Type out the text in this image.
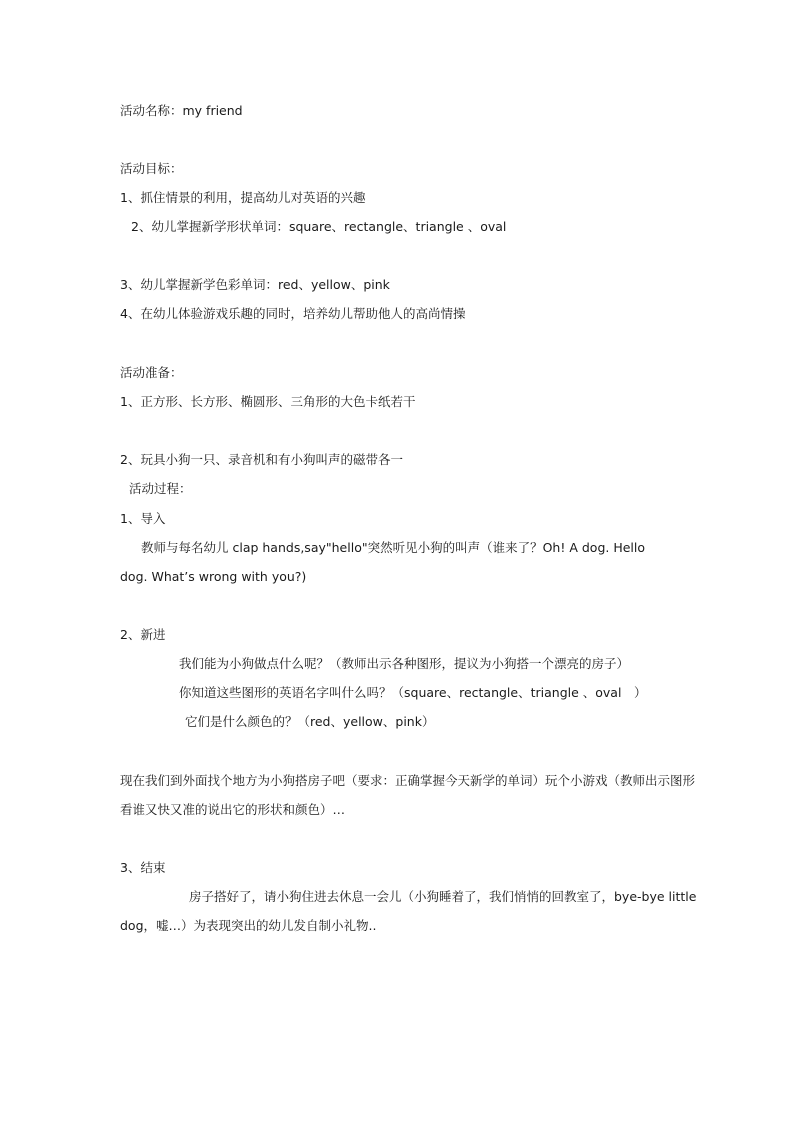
活动名称：my friend
活动目标：
1、抓住情景的利用，提高幼儿对英语的兴趣
2、幼儿掌握新学形状单词：square、rectangle、triangle 、oval
3、幼儿掌握新学色彩单词：red、yellow、pink
4、在幼儿体验游戏乐趣的同时，培养幼儿帮助他人的高尚情操
活动准备：
1、正方形、长方形、椭圆形、三角形的大色卡纸若干
2、玩具小狗一只、录音机和有小狗叫声的磁带各一
活动过程：
1、导入
教师与每名幼儿 clap hands,say"hello"突然听见小狗的叫声（谁来了？Oh! A dog. Hello
dog. What’s wrong with you?)
2、新进
我们能为小狗做点什么呢？（教师出示各种图形，提议为小狗搭一个漂亮的房子）
你知道这些图形的英语名字叫什么吗？（square、rectangle、triangle 、oval　）
它们是什么颜色的？（red、yellow、pink）
现在我们到外面找个地方为小狗搭房子吧（要求：正确掌握今天新学的单词）玩个小游戏（教师出示图形
看谁又快又准的说出它的形状和颜色）…
3、结束
房子搭好了，请小狗住进去休息一会儿（小狗睡着了，我们悄悄的回教室了，bye-bye little
dog，嘘…）为表现突出的幼儿发自制小礼物..
